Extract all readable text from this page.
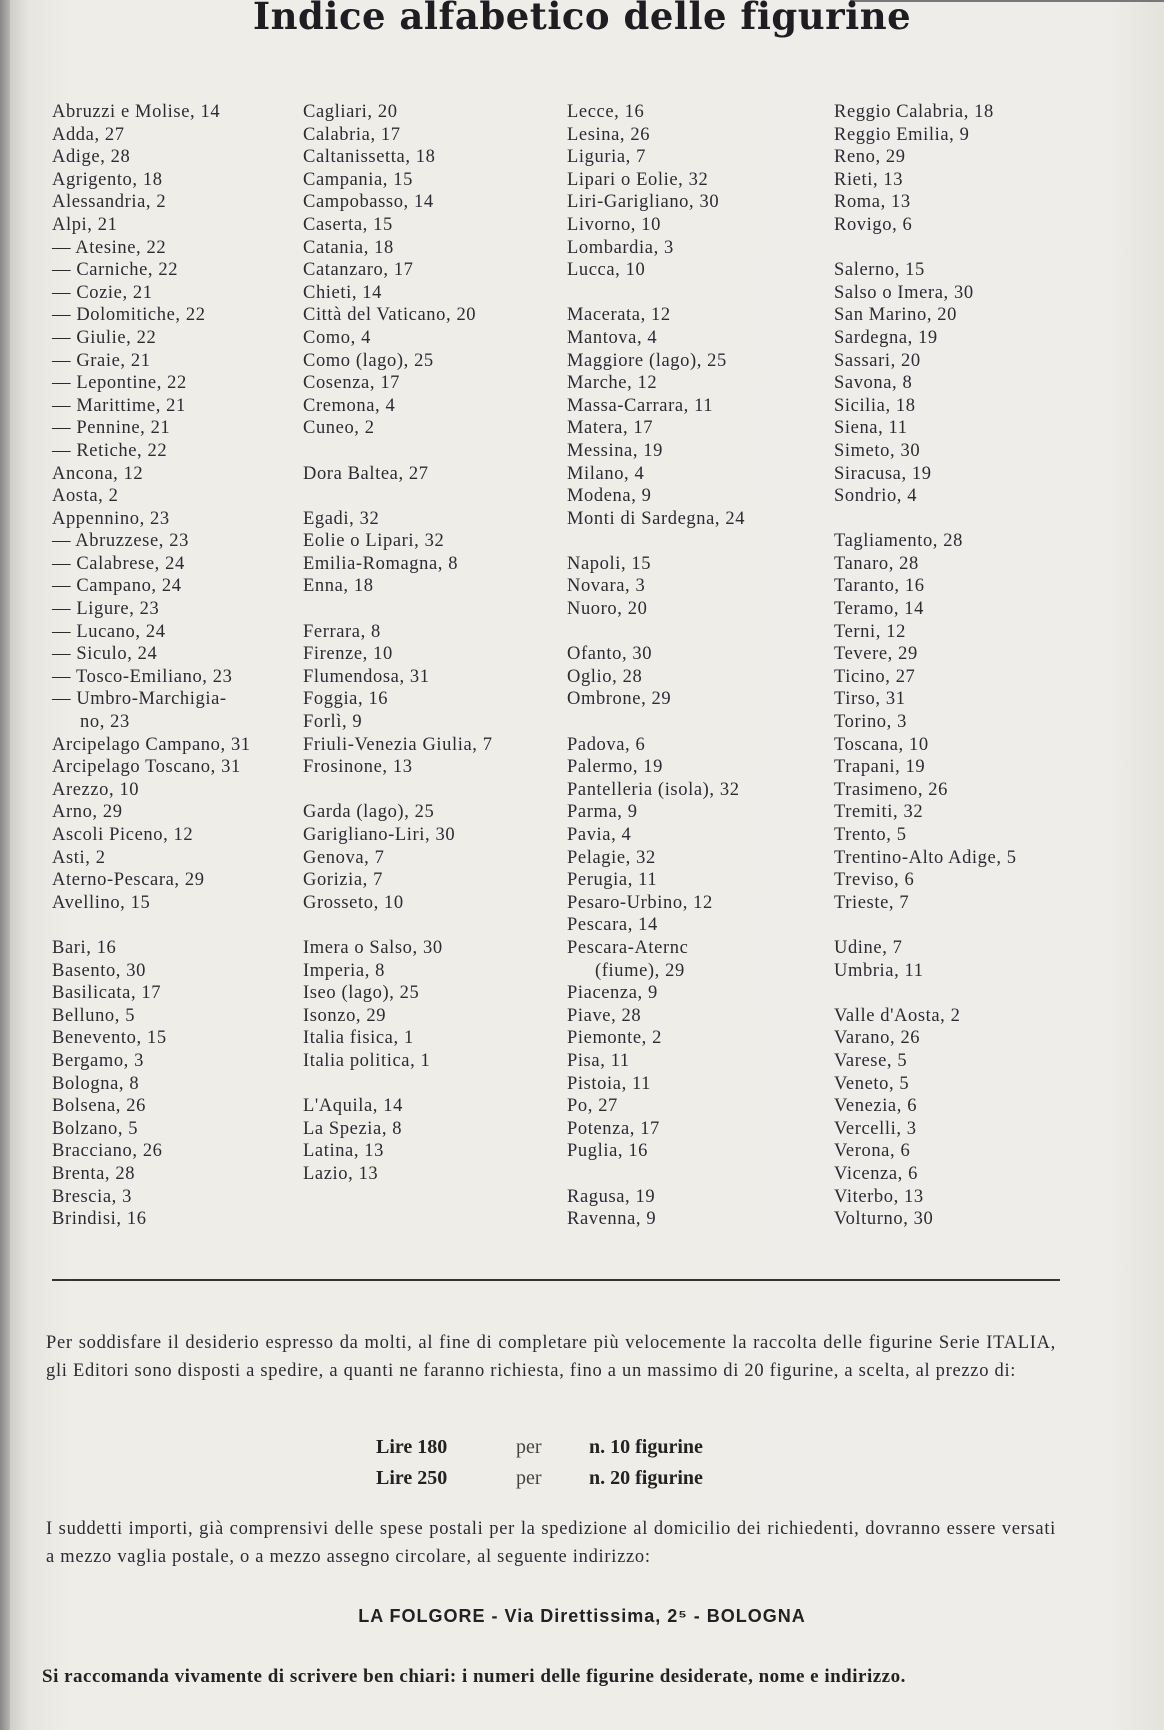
Indice alfabetico delle figurine
Abruzzi e Molise, 14
Adda, 27
Adige, 28
Agrigento, 18
Alessandria, 2
Alpi, 21
— Atesine, 22
— Carniche, 22
— Cozie, 21
— Dolomitiche, 22
— Giulie, 22
— Graie, 21
— Lepontine, 22
— Marittime, 21
— Pennine, 21
— Retiche, 22
Ancona, 12
Aosta, 2
Appennino, 23
— Abruzzese, 23
— Calabrese, 24
— Campano, 24
— Ligure, 23
— Lucano, 24
— Siculo, 24
— Tosco-Emiliano, 23
— Umbro-Marchigia-
no, 23
Arcipelago Campano, 31
Arcipelago Toscano, 31
Arezzo, 10
Arno, 29
Ascoli Piceno, 12
Asti, 2
Aterno-Pescara, 29
Avellino, 15
Bari, 16
Basento, 30
Basilicata, 17
Belluno, 5
Benevento, 15
Bergamo, 3
Bologna, 8
Bolsena, 26
Bolzano, 5
Bracciano, 26
Brenta, 28
Brescia, 3
Brindisi, 16
Cagliari, 20
Calabria, 17
Caltanissetta, 18
Campania, 15
Campobasso, 14
Caserta, 15
Catania, 18
Catanzaro, 17
Chieti, 14
Città del Vaticano, 20
Como, 4
Como (lago), 25
Cosenza, 17
Cremona, 4
Cuneo, 2
Dora Baltea, 27
Egadi, 32
Eolie o Lipari, 32
Emilia-Romagna, 8
Enna, 18
Ferrara, 8
Firenze, 10
Flumendosa, 31
Foggia, 16
Forlì, 9
Friuli-Venezia Giulia, 7
Frosinone, 13
Garda (lago), 25
Garigliano-Liri, 30
Genova, 7
Gorizia, 7
Grosseto, 10
Imera o Salso, 30
Imperia, 8
Iseo (lago), 25
Isonzo, 29
Italia fisica, 1
Italia politica, 1
L'Aquila, 14
La Spezia, 8
Latina, 13
Lazio, 13
Lecce, 16
Lesina, 26
Liguria, 7
Lipari o Eolie, 32
Liri-Garigliano, 30
Livorno, 10
Lombardia, 3
Lucca, 10
Macerata, 12
Mantova, 4
Maggiore (lago), 25
Marche, 12
Massa-Carrara, 11
Matera, 17
Messina, 19
Milano, 4
Modena, 9
Monti di Sardegna, 24
Napoli, 15
Novara, 3
Nuoro, 20
Ofanto, 30
Oglio, 28
Ombrone, 29
Padova, 6
Palermo, 19
Pantelleria (isola), 32
Parma, 9
Pavia, 4
Pelagie, 32
Perugia, 11
Pesaro-Urbino, 12
Pescara, 14
Pescara-Aternc
(fiume), 29
Piacenza, 9
Piave, 28
Piemonte, 2
Pisa, 11
Pistoia, 11
Po, 27
Potenza, 17
Puglia, 16
Ragusa, 19
Ravenna, 9
Reggio Calabria, 18
Reggio Emilia, 9
Reno, 29
Rieti, 13
Roma, 13
Rovigo, 6
Salerno, 15
Salso o Imera, 30
San Marino, 20
Sardegna, 19
Sassari, 20
Savona, 8
Sicilia, 18
Siena, 11
Simeto, 30
Siracusa, 19
Sondrio, 4
Tagliamento, 28
Tanaro, 28
Taranto, 16
Teramo, 14
Terni, 12
Tevere, 29
Ticino, 27
Tirso, 31
Torino, 3
Toscana, 10
Trapani, 19
Trasimeno, 26
Tremiti, 32
Trento, 5
Trentino-Alto Adige, 5
Treviso, 6
Trieste, 7
Udine, 7
Umbria, 11
Valle d'Aosta, 2
Varano, 26
Varese, 5
Veneto, 5
Venezia, 6
Vercelli, 3
Verona, 6
Vicenza, 6
Viterbo, 13
Volturno, 30
Per soddisfare il desiderio espresso da molti, al fine di completare più velocemente la raccolta delle figurine Serie ITALIA, gli Editori sono disposti a spedire, a quanti ne faranno richiesta, fino a un massimo di 20 figurine, a scelta, al prezzo di:
Lire 180	per n. 10 figurine
Lire 250	per n. 20 figurine
I suddetti importi, già comprensivi delle spese postali per la spedizione al domicilio dei richiedenti, dovranno essere versati a mezzo vaglia postale, o a mezzo assegno circolare, al seguente indirizzo:
LA FOLGORE - Via Direttissima, 2⁵ - BOLOGNA
Si raccomanda vivamente di scrivere ben chiari: i numeri delle figurine desiderate, nome e indirizzo.
